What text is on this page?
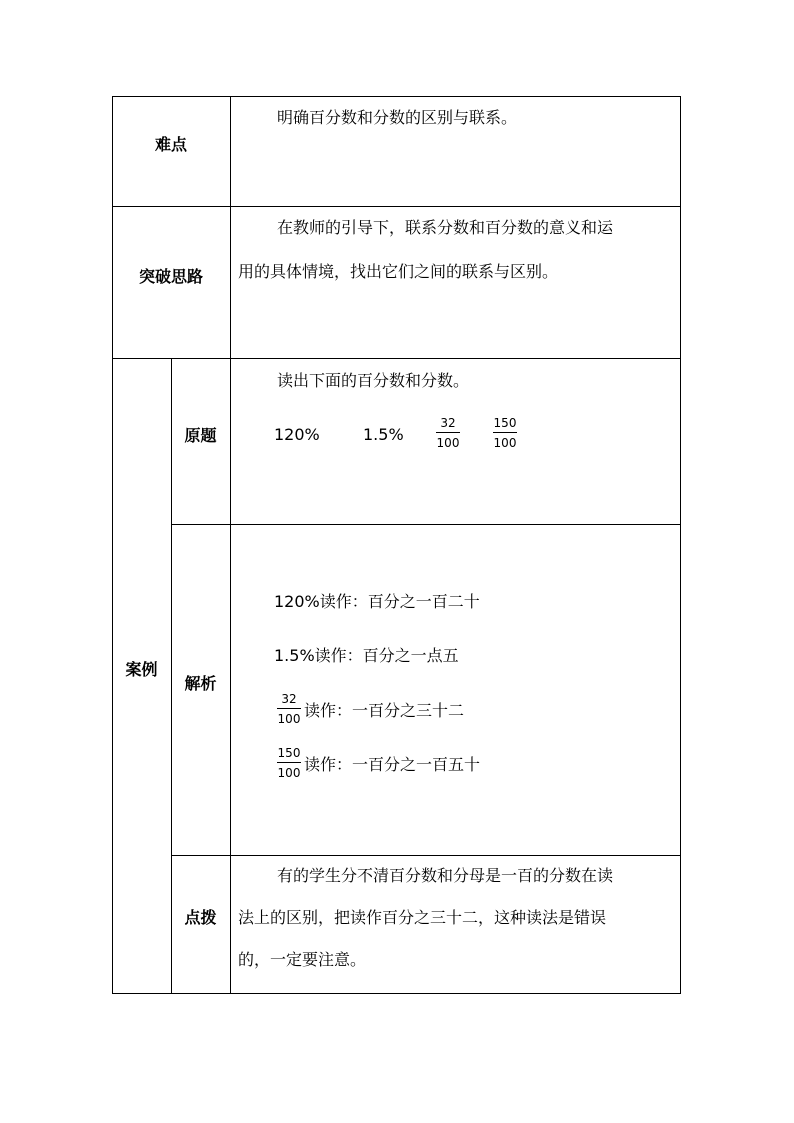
难点
明确百分数和分数的区别与联系。
突破思路
在教师的引导下，联系分数和百分数的意义和运
用的具体情境，找出它们之间的联系与区别。
案例
原题
读出下面的百分数和分数。
120%	1.5%
32
100
150
100
解析
120%读作：百分之一百二十
1.5%读作：百分之一点五
32
100 读作：一百分之三十二
150
100 读作：一百分之一百五十
点拨
有的学生分不清百分数和分母是一百的分数在读
法上的区别，把读作百分之三十二，这种读法是错误
的，一定要注意。
